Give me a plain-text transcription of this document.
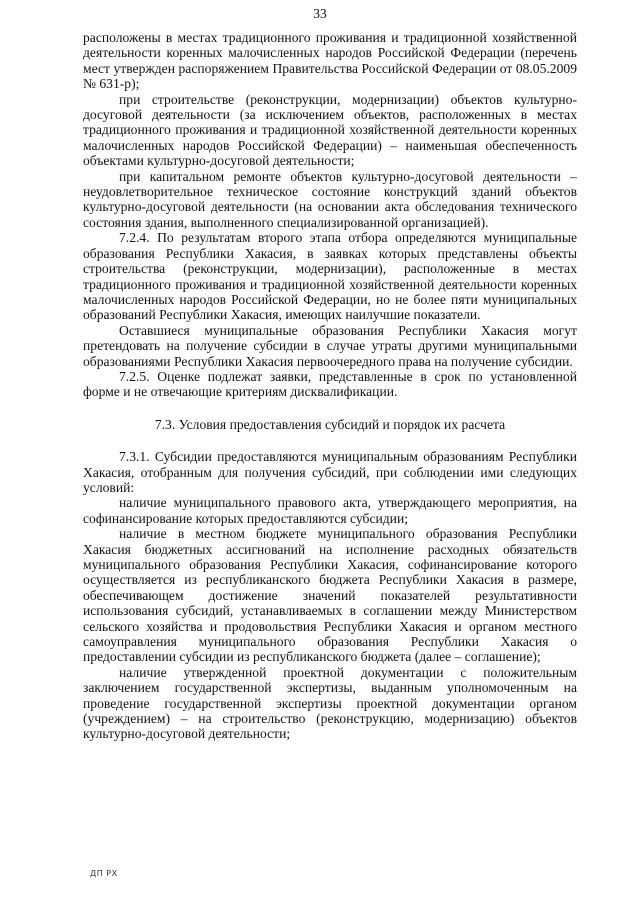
33

расположены в местах традиционного проживания и традиционной хозяйственной деятельности коренных малочисленных народов Российской Федерации (перечень мест утвержден распоряжением Правительства Российской Федерации от 08.05.2009 № 631-р);

при строительстве (реконструкции, модернизации) объектов культурно-досуговой деятельности (за исключением объектов, расположенных в местах традиционного проживания и традиционной хозяйственной деятельности коренных малочисленных народов Российской Федерации) – наименьшая обеспеченность объектами культурно-досуговой деятельности;

при капитальном ремонте объектов культурно-досуговой деятельности – неудовлетворительное техническое состояние конструкций зданий объектов культурно-досуговой деятельности (на основании акта обследования технического состояния здания, выполненного специализированной организацией).

7.2.4. По результатам второго этапа отбора определяются муниципальные образования Республики Хакасия, в заявках которых представлены объекты строительства (реконструкции, модернизации), расположенные в местах традиционного проживания и традиционной хозяйственной деятельности коренных малочисленных народов Российской Федерации, но не более пяти муниципальных образований Республики Хакасия, имеющих наилучшие показатели.

Оставшиеся муниципальные образования Республики Хакасия могут претендовать на получение субсидии в случае утраты другими муниципальными образованиями Республики Хакасия первоочередного права на получение субсидии.

7.2.5. Оценке подлежат заявки, представленные в срок по установленной форме и не отвечающие критериям дисквалификации.

7.3. Условия предоставления субсидий и порядок их расчета

7.3.1. Субсидии предоставляются муниципальным образованиям Республики Хакасия, отобранным для получения субсидий, при соблюдении ими следующих условий:

наличие муниципального правового акта, утверждающего мероприятия, на софинансирование которых предоставляются субсидии;

наличие в местном бюджете муниципального образования Республики Хакасия бюджетных ассигнований на исполнение расходных обязательств муниципального образования Республики Хакасия, софинансирование которого осуществляется из республиканского бюджета Республики Хакасия в размере, обеспечивающем достижение значений показателей результативности использования субсидий, устанавливаемых в соглашении между Министерством сельского хозяйства и продовольствия Республики Хакасия и органом местного самоуправления муниципального образования Республики Хакасия о предоставлении субсидии из республиканского бюджета (далее – соглашение);

наличие утвержденной проектной документации с положительным заключением государственной экспертизы, выданным уполномоченным на проведение государственной экспертизы проектной документации органом (учреждением) – на строительство (реконструкцию, модернизацию) объектов культурно-досуговой деятельности;

ДП РХ
